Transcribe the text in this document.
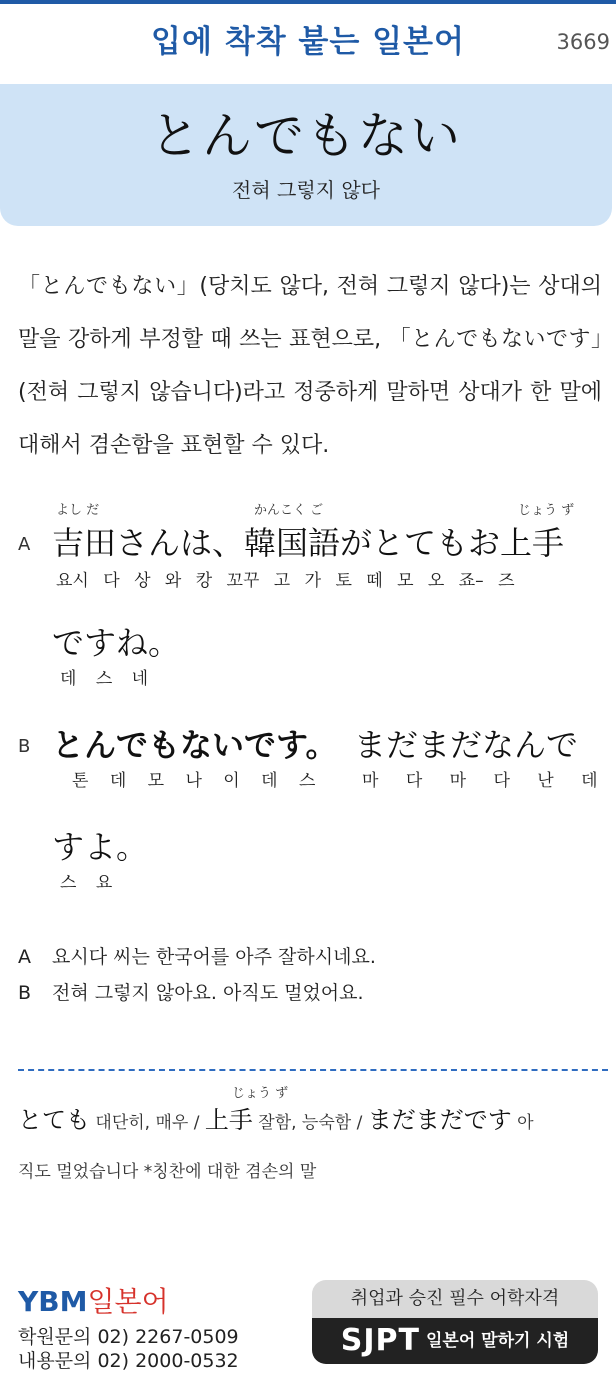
입에 착착 붙는 일본어	3669
とんでもない
전혀 그렇지 않다
「とんでもない」(당치도 않다, 전혀 그렇지 않다)는 상대의 말을 강하게 부정할 때 쓰는 표현으로, 「とんでもないです」(전혀 그렇지 않습니다)라고 정중하게 말하면 상대가 한 말에 대해서 겸손함을 표현할 수 있다.
A
よし だ	かんこく ご	じょう ず
吉田さんは、韓国語がとてもお上手
요시 다 상 와 캉 꼬꾸 고 가 토 떼 모 오 죠– 즈
ですね。
데 스 네
B とんでもないです。 まだまだなんで
톤 데 모 나 이 데 스	마 다 마 다 난 데
すよ。
스 요
A 요시다 씨는 한국어를 아주 잘하시네요.
B 전혀 그렇지 않아요. 아직도 멀었어요.
じょう ず
とても 대단히, 매우 / 上手 잘함, 능숙함 / まだまだです 아
직도 멀었습니다 *칭찬에 대한 겸손의 말
YBM일본어
학원문의 02) 2267-0509
내용문의 02) 2000-0532
취업과 승진 필수 어학자격
SJPT 일본어 말하기 시험
